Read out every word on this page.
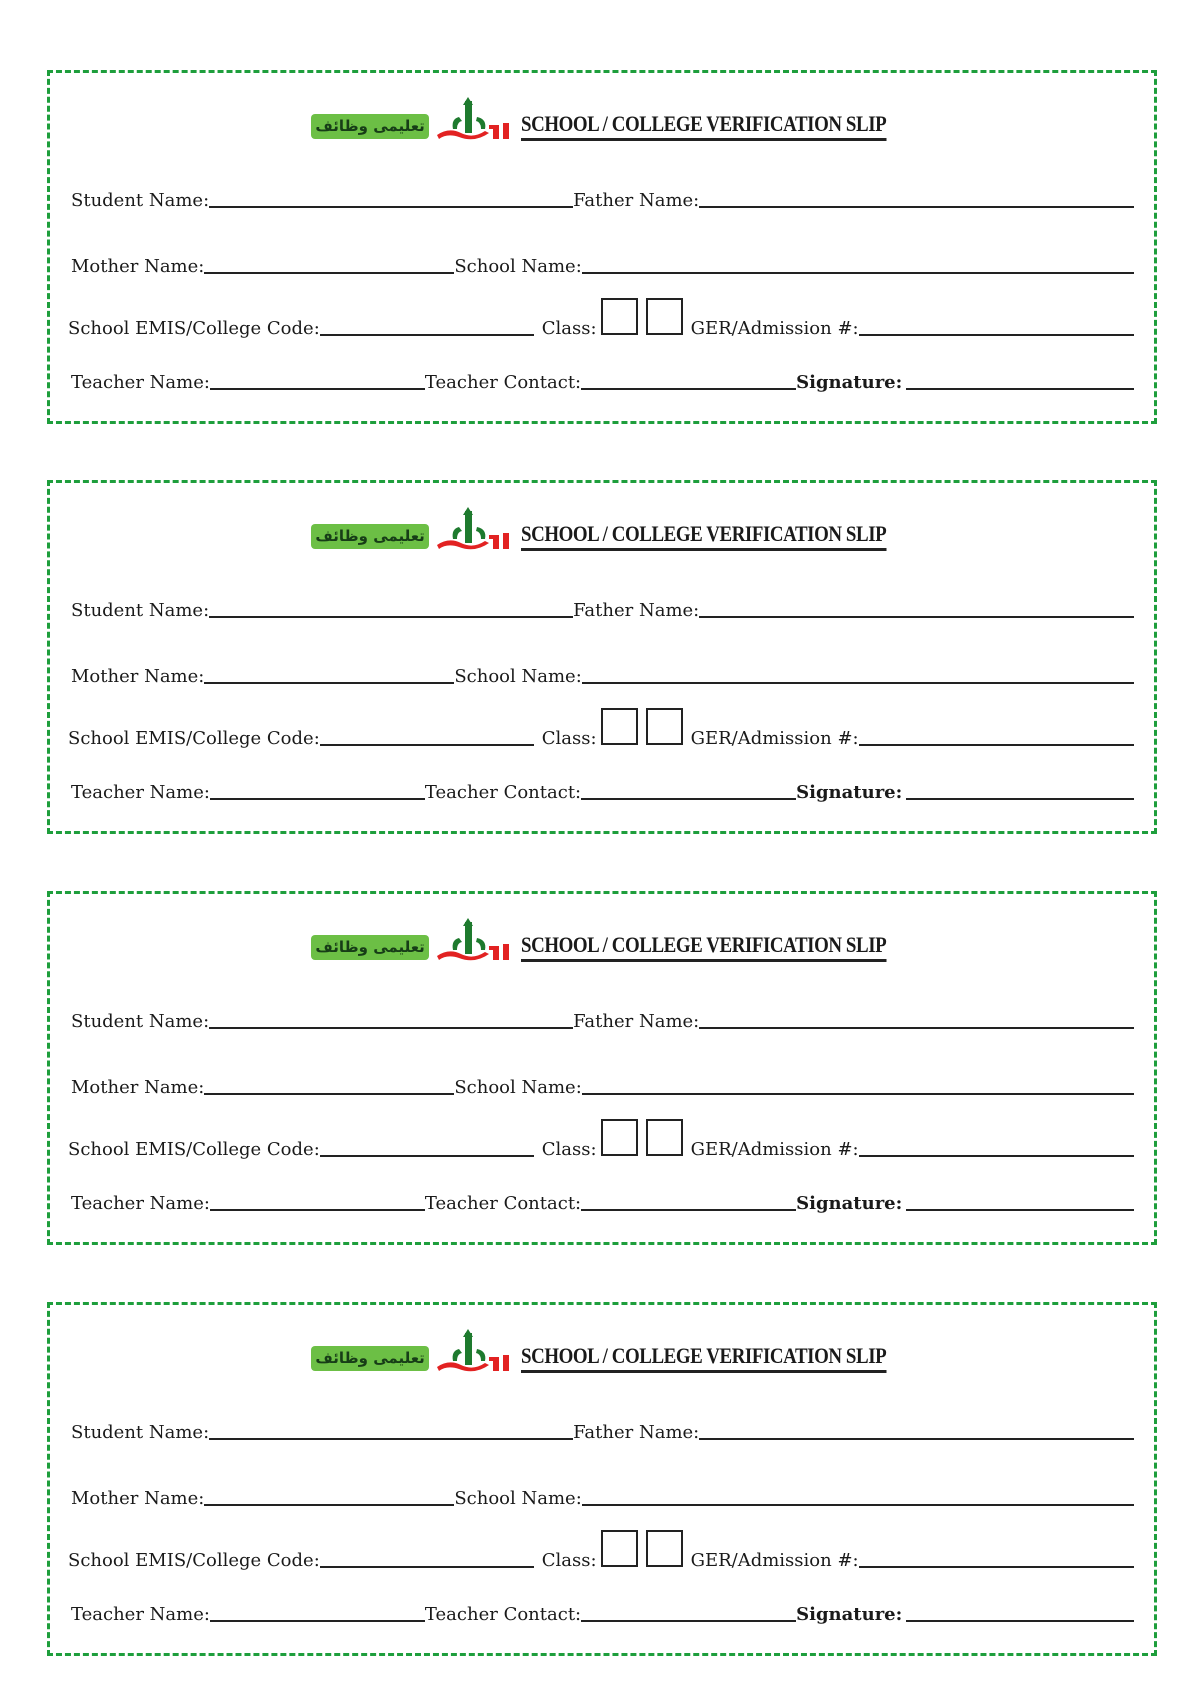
تعلیمی وظائف	SCHOOL / COLLEGE VERIFICATION SLIP
Student Name:	Father Name:
Mother Name:	School Name:
School EMIS/College Code:	Class:	GER/Admission #:
Teacher Name:	Teacher Contact:	Signature:
تعلیمی وظائف	SCHOOL / COLLEGE VERIFICATION SLIP
Student Name:	Father Name:
Mother Name:	School Name:
School EMIS/College Code:	Class:	GER/Admission #:
Teacher Name:	Teacher Contact:	Signature:
تعلیمی وظائف	SCHOOL / COLLEGE VERIFICATION SLIP
Student Name:	Father Name:
Mother Name:	School Name:
School EMIS/College Code:	Class:	GER/Admission #:
Teacher Name:	Teacher Contact:	Signature:
تعلیمی وظائف	SCHOOL / COLLEGE VERIFICATION SLIP
Student Name:	Father Name:
Mother Name:	School Name:
School EMIS/College Code:	Class:	GER/Admission #:
Teacher Name:	Teacher Contact:	Signature:
